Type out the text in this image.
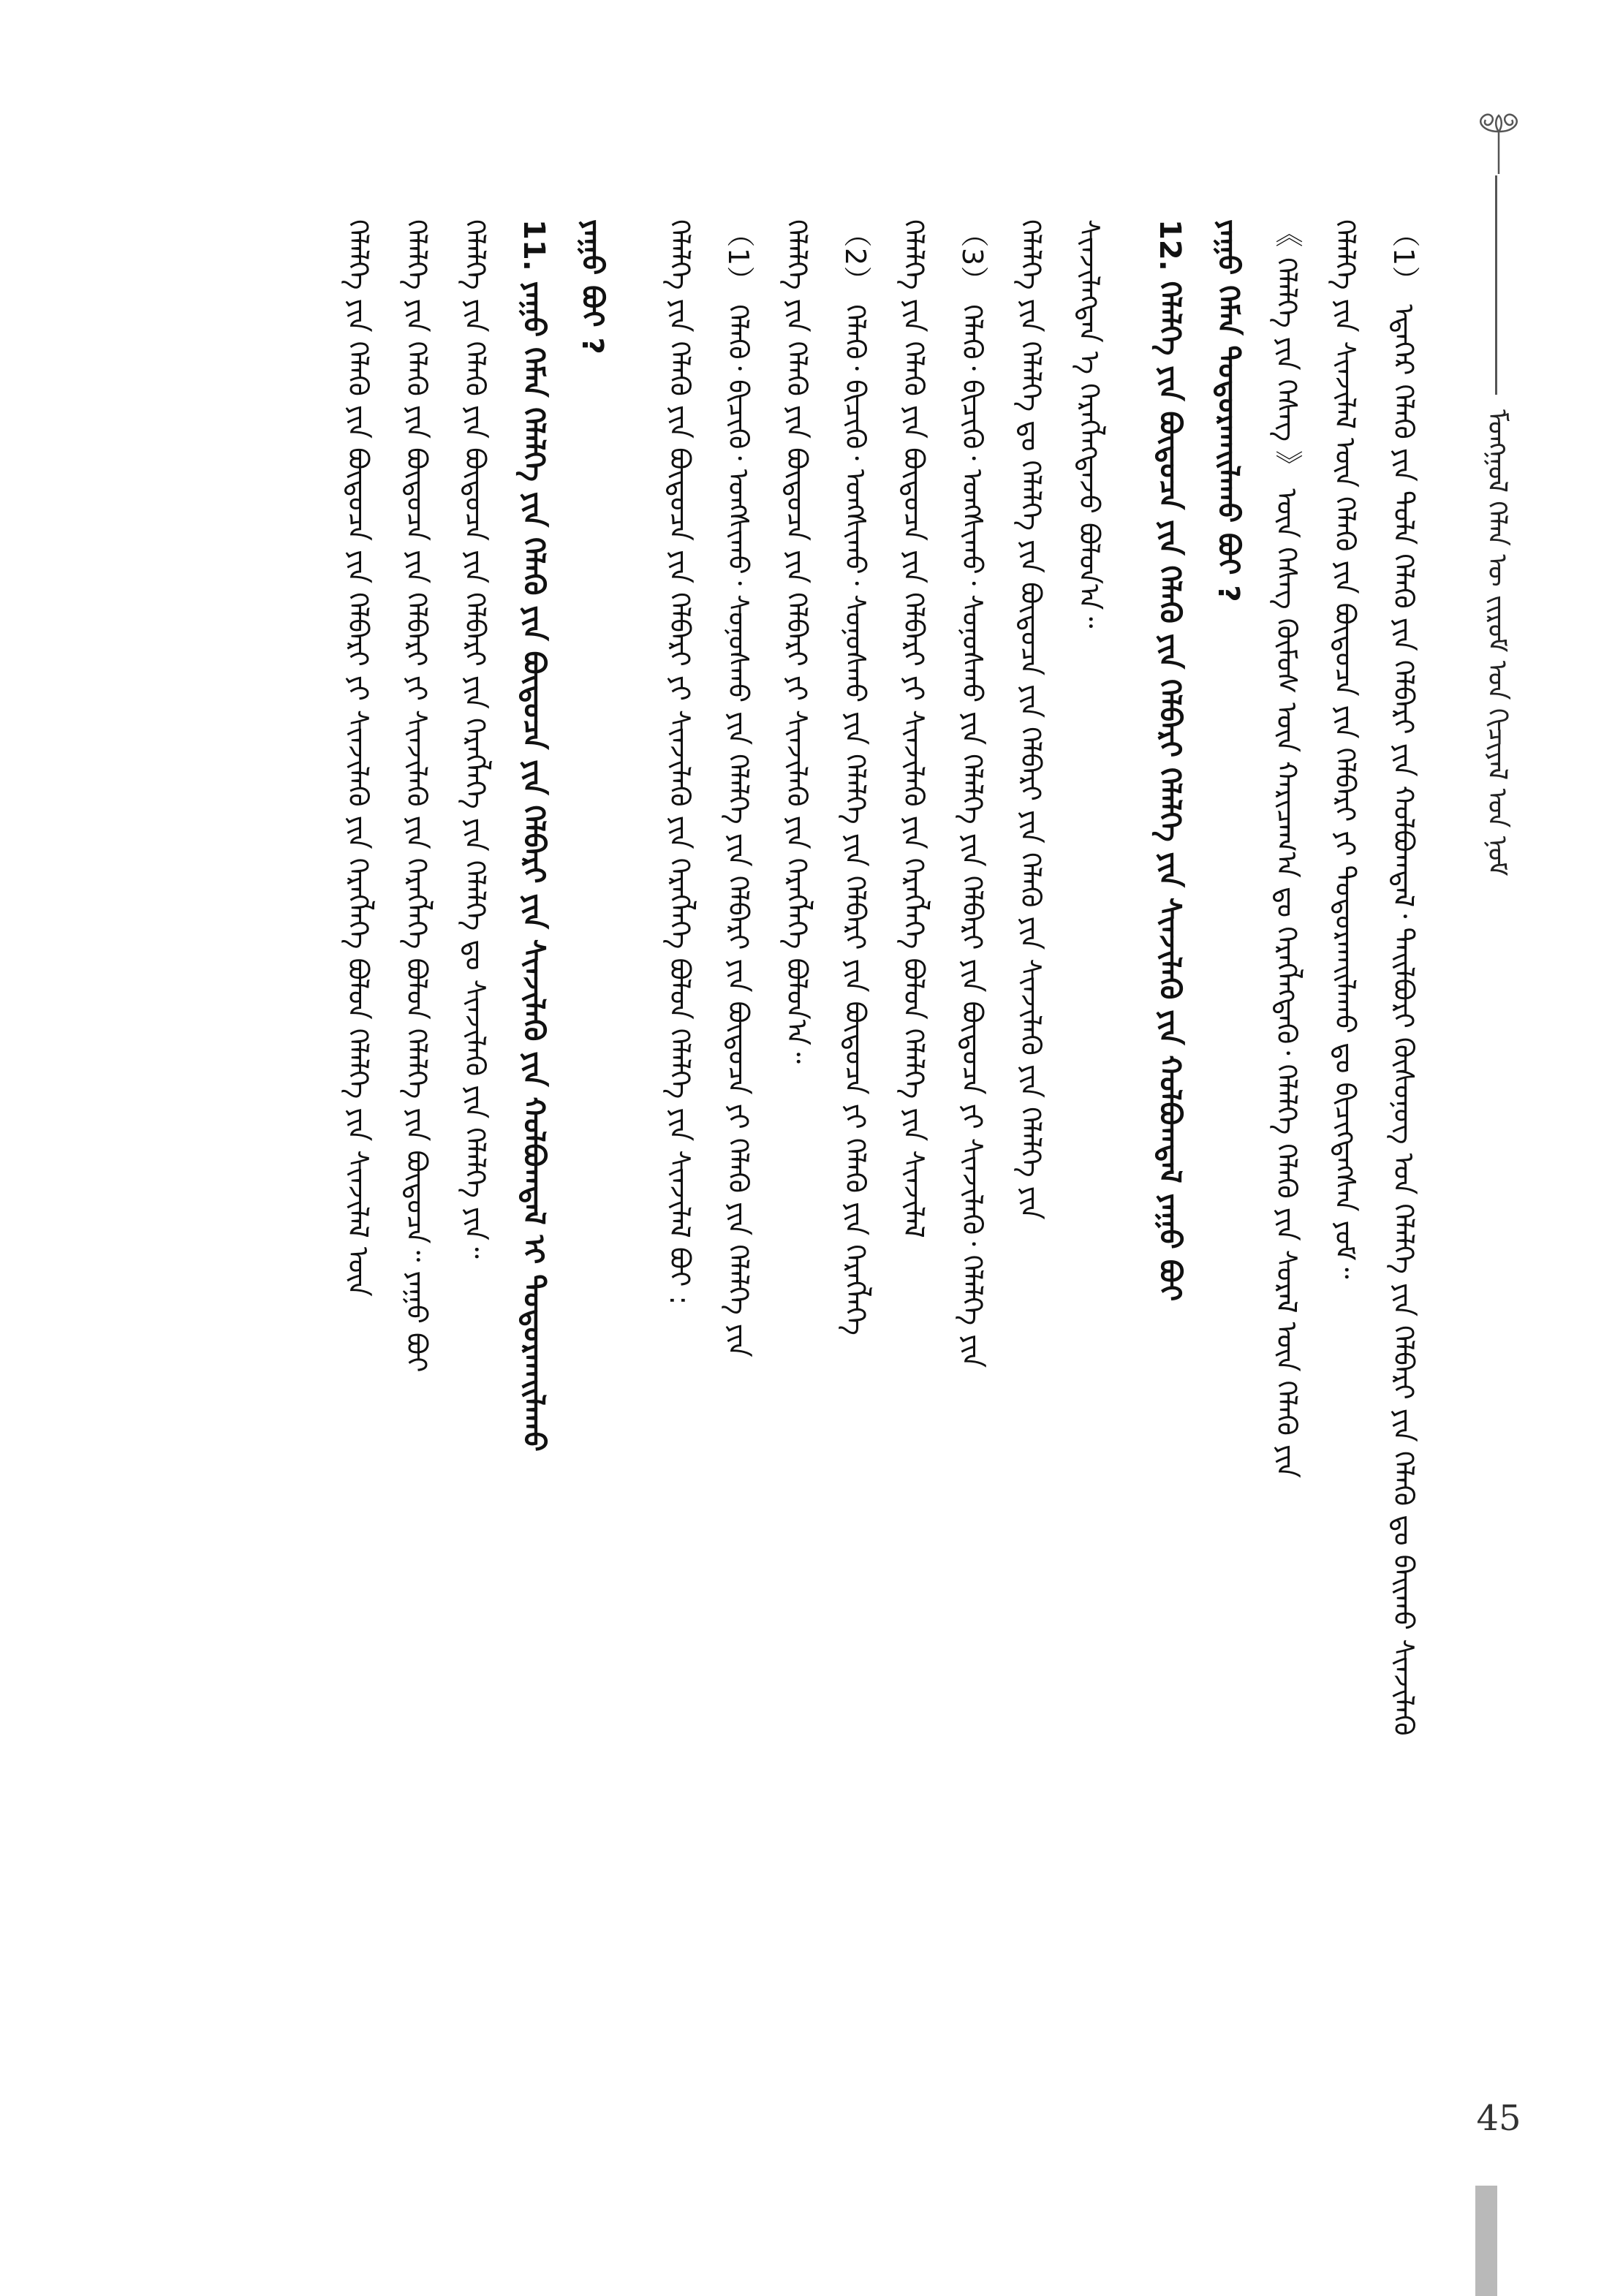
ᠮᠣᠩᠭᠣᠯ ᠬᠡᠯᠡᠨ ᠦ ᠵᠢᠷᠤᠮ ᠤᠨ ᠬᠢᠴᠢᠶᠡᠯ ᠤᠨ ᠨᠣᠮ

（1） ᠡᠳᠡᠭᠡᠷ ᠬᠡᠯᠡᠬᠦ ᠶᠢᠨ ᠳᠤᠯᠠ ᠬᠡᠯᠡᠬᠦ ᠶᠢᠨ ᠬᠡᠯᠪᠡᠷᠢ ᠶᠢᠨ ᠬᠣᠯᠪᠣᠭᠳᠠᠯ᠂ ᠲᠠᠢᠯᠪᠤᠷᠢ ᠬᠦᠰᠦᠨᠦᠭ ᠤᠨ ᠬᠡᠯᠡᠯᠭᠡ ᠶᠢᠨ ᠬᠡᠯᠪᠡᠷᠢ ᠶᠢᠨ ᠬᠡᠯᠡᠬᠦ ᠳᠤ ᠪᠠᠢᠬᠤ ᠰᠢᠨᠵᠢᠯᠡᠬᠦ

ᠬᠡᠯᠡᠯᠭᠡ ᠶᠢᠨ ᠰᠢᠨᠵᠢᠯᠡᠯ ᠦᠨ ᠬᠡᠯᠡᠬᠦ ᠶᠢᠨ ᠪᠦᠲᠦᠴᠡ ᠶᠢᠨ ᠬᠡᠯᠪᠡᠷᠢ ᠶᠢ ᠲᠣᠳᠣᠷᠬᠠᠢᠯᠠᠬᠤ ᠳᠤ ᠪᠢᠴᠢᠭᠳᠡᠭᠰᠡᠨ ᠶᠤᠮ᠃

《 ᠬᠡᠯᠡᠯᠭᠡ ᠶᠢᠨ ᠬᠡᠰᠡᠭ 》 ᠦᠨ ᠬᠡᠰᠡᠭ ᠬᠦᠮᠦᠰ ᠦᠨ ᠬᠠᠷᠢᠴᠠᠭ᠎ᠠ ᠳᠤ ᠬᠡᠷᠡᠭᠯᠡᠭᠳᠡᠬᠦ᠂ ᠬᠡᠯᠡᠯᠭᠡ ᠬᠡᠯᠡᠬᠦ ᠶᠢᠨ ᠰᠤᠷᠠᠯ ᠦᠨ ᠬᠡᠯᠡᠬᠦ ᠶᠢᠨ

ᠶᠠᠭᠤ ᠬᠡᠮᠡᠨ ᠲᠣᠳᠣᠷᠬᠠᠢᠯᠠᠬᠤ ᠪᠤᠢ ?

12. ᠬᠡᠯᠡᠯᠭᠡ ᠶᠢᠨ ᠪᠦᠲᠦᠴᠡ ᠶᠢᠨ ᠬᠡᠯᠡᠬᠦ ᠶᠢᠨ ᠬᠡᠯᠪᠡᠷᠢ ᠬᠡᠯᠡᠯᠭᠡ ᠶᠢᠨ ᠰᠢᠨᠵᠢᠯᠡᠬᠦ ᠶᠢᠨ ᠬᠣᠯᠪᠣᠭᠳᠠᠯ ᠶᠠᠭᠤ ᠪᠤᠢ

ᠰᠢᠨᠵᠢᠯᠡᠭᠳᠡᠨ ᠡ ᠬᠡᠷᠡᠭᠯᠡᠭᠳᠡᠵᠦ ᠪᠣᠯᠣᠨ᠎ᠠ᠃

ᠬᠡᠯᠡᠯᠭᠡ ᠶᠢᠨ ᠬᠡᠯᠡᠯᠭᠡ ᠳᠤ ᠬᠡᠯᠡᠯᠭᠡ ᠶᠢᠨ ᠪᠦᠲᠦᠴᠡ ᠶᠢᠨ ᠬᠡᠯᠪᠡᠷᠢ ᠶᠢᠨ ᠬᠡᠯᠡᠬᠦ ᠶᠢᠨ ᠰᠢᠨᠵᠢᠯᠡᠬᠦ ᠶᠢᠨ ᠬᠡᠯᠡᠯᠭᠡ ᠶᠢᠨ

（3） ᠬᠡᠯᠡᠬᠦ᠂ ᠪᠢᠴᠢᠬᠦ᠂ ᠤᠩᠰᠢᠬᠤ᠂ ᠰᠣᠨᠣᠰᠬᠤ ᠶᠢᠨ ᠬᠡᠯᠡᠯᠭᠡ ᠶᠢᠨ ᠬᠡᠯᠪᠡᠷᠢ ᠶᠢᠨ ᠪᠦᠲᠦᠴᠡ ᠶᠢ ᠰᠢᠨᠵᠢᠯᠡᠬᠦ᠂ ᠬᠡᠯᠡᠯᠭᠡ ᠶᠢᠨ

ᠬᠡᠯᠡᠯᠭᠡ ᠶᠢᠨ ᠬᠡᠯᠡᠬᠦ ᠶᠢᠨ ᠪᠦᠲᠦᠴᠡ ᠶᠢᠨ ᠬᠡᠯᠪᠡᠷᠢ ᠶᠢ ᠰᠢᠨᠵᠢᠯᠡᠬᠦ ᠶᠢᠨ ᠬᠡᠷᠡᠭᠯᠡᠭᠡ ᠪᠣᠯᠣᠨ ᠬᠡᠯᠡᠯᠭᠡ ᠶᠢᠨ ᠰᠢᠨᠵᠢᠯᠡᠯ

（2） ᠬᠡᠯᠡᠬᠦ᠂ ᠪᠢᠴᠢᠬᠦ᠂ ᠤᠩᠰᠢᠬᠤ᠂ ᠰᠣᠨᠣᠰᠬᠤ ᠶᠢᠨ ᠬᠡᠯᠡᠯᠭᠡ ᠶᠢᠨ ᠬᠡᠯᠪᠡᠷᠢ ᠶᠢᠨ ᠪᠦᠲᠦᠴᠡ ᠶᠢ ᠬᠡᠯᠡᠬᠦ ᠶᠢᠨ ᠬᠡᠷᠡᠭᠯᠡᠭᠡ

ᠬᠡᠯᠡᠯᠭᠡ ᠶᠢᠨ ᠬᠡᠯᠡᠬᠦ ᠶᠢᠨ ᠪᠦᠲᠦᠴᠡ ᠶᠢᠨ ᠬᠡᠯᠪᠡᠷᠢ ᠶᠢ ᠰᠢᠨᠵᠢᠯᠡᠬᠦ ᠶᠢᠨ ᠬᠡᠷᠡᠭᠯᠡᠭᠡ ᠪᠣᠯᠣᠨ᠎ᠠ᠃

（1） ᠬᠡᠯᠡᠬᠦ᠂ ᠪᠢᠴᠢᠬᠦ᠂ ᠤᠩᠰᠢᠬᠤ᠂ ᠰᠣᠨᠣᠰᠬᠤ ᠶᠢᠨ ᠬᠡᠯᠡᠯᠭᠡ ᠶᠢᠨ ᠬᠡᠯᠪᠡᠷᠢ ᠶᠢᠨ ᠪᠦᠲᠦᠴᠡ ᠶᠢ ᠬᠡᠯᠡᠬᠦ ᠶᠢᠨ ᠬᠡᠯᠡᠯᠭᠡ ᠶᠢᠨ

ᠬᠡᠯᠡᠯᠭᠡ ᠶᠢᠨ ᠬᠡᠯᠡᠬᠦ ᠶᠢᠨ ᠪᠦᠲᠦᠴᠡ ᠶᠢᠨ ᠬᠡᠯᠪᠡᠷᠢ ᠶᠢ ᠰᠢᠨᠵᠢᠯᠡᠬᠦ ᠶᠢᠨ ᠬᠡᠷᠡᠭᠯᠡᠭᠡ ᠪᠣᠯᠣᠨ ᠬᠡᠯᠡᠯᠭᠡ ᠶᠢᠨ ᠰᠢᠨᠵᠢᠯᠡᠯ ᠪᠤᠢ :

ᠶᠠᠭᠤ ᠪᠤᠢ ?

11. ᠶᠠᠭᠤ ᠬᠡᠮᠡᠨ ᠬᠡᠯᠡᠯᠭᠡ ᠶᠢᠨ ᠬᠡᠯᠡᠬᠦ ᠶᠢᠨ ᠪᠦᠲᠦᠴᠡ ᠶᠢᠨ ᠬᠡᠯᠪᠡᠷᠢ ᠶᠢᠨ ᠰᠢᠨᠵᠢᠯᠡᠬᠦ ᠶᠢᠨ ᠬᠣᠯᠪᠣᠭᠳᠠᠯ ᠢ ᠲᠣᠳᠣᠷᠬᠠᠢᠯᠠᠬᠤ

ᠬᠡᠯᠡᠯᠭᠡ ᠶᠢᠨ ᠬᠡᠯᠡᠬᠦ ᠶᠢᠨ ᠪᠦᠲᠦᠴᠡ ᠶᠢᠨ ᠬᠡᠯᠪᠡᠷᠢ ᠶᠢᠨ ᠬᠡᠷᠡᠭᠯᠡᠭᠡ ᠶᠢᠨ ᠬᠡᠯᠡᠯᠭᠡ ᠳᠤ ᠰᠢᠨᠵᠢᠯᠡᠬᠦ ᠶᠢᠨ ᠬᠡᠯᠡᠯᠭᠡ ᠶᠢᠨ᠃

ᠬᠡᠯᠡᠯᠭᠡ ᠶᠢᠨ ᠬᠡᠯᠡᠬᠦ ᠶᠢᠨ ᠪᠦᠲᠦᠴᠡ ᠶᠢᠨ ᠬᠡᠯᠪᠡᠷᠢ ᠶᠢ ᠰᠢᠨᠵᠢᠯᠡᠬᠦ ᠶᠢᠨ ᠬᠡᠷᠡᠭᠯᠡᠭᠡ ᠪᠣᠯᠣᠨ ᠬᠡᠯᠡᠯᠭᠡ ᠶᠢᠨ ᠪᠦᠲᠦᠴᠡ᠃ ᠶᠠᠭᠤ ᠪᠤᠢ

ᠬᠡᠯᠡᠯᠭᠡ ᠶᠢᠨ ᠬᠡᠯᠡᠬᠦ ᠶᠢᠨ ᠪᠦᠲᠦᠴᠡ ᠶᠢᠨ ᠬᠡᠯᠪᠡᠷᠢ ᠶᠢ ᠰᠢᠨᠵᠢᠯᠡᠬᠦ ᠶᠢᠨ ᠬᠡᠷᠡᠭᠯᠡᠭᠡ ᠪᠣᠯᠣᠨ ᠬᠡᠯᠡᠯᠭᠡ ᠶᠢᠨ ᠰᠢᠨᠵᠢᠯᠡᠯ ᠦᠨ

45
